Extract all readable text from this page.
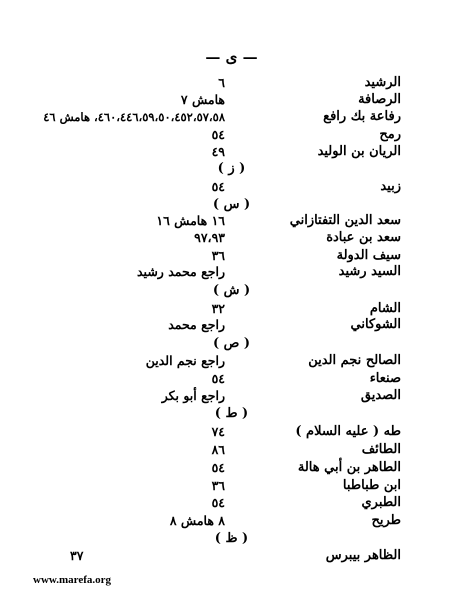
— ى —
الرشيد
٦
الرصافة
هامش ٧
رفاعة بك رافع
٤٦٠،٤٤٦،٥٩،٥٠،٤٥٢،٥٧،٥٨، هامش ٤٦
رمح
٥٤
الريان بن الوليد
٤٩
( ز )
زبيد
٥٤
( س )
سعد الدين التفتازاني
١٦ هامش ١٦
سعد بن عبادة
٩٧،٩٣
سيف الدولة
٣٦
السيد رشيد
راجع محمد رشيد
( ش )
الشام
٣٢
الشوكاني
راجع محمد
( ص )
الصالح نجم الدين
راجع نجم الدين
صنعاء
٥٤
الصديق
راجع أبو بكر
( ط )
طه ( عليه السلام )
٧٤
الطائف
٨٦
الطاهر بن أبي هالة
٥٤
ابن طباطبا
٣٦
الطبري
٥٤
طريح
٨ هامش ٨
( ظ )
الظاهر بيبرس
٣٧
www.marefa.org
